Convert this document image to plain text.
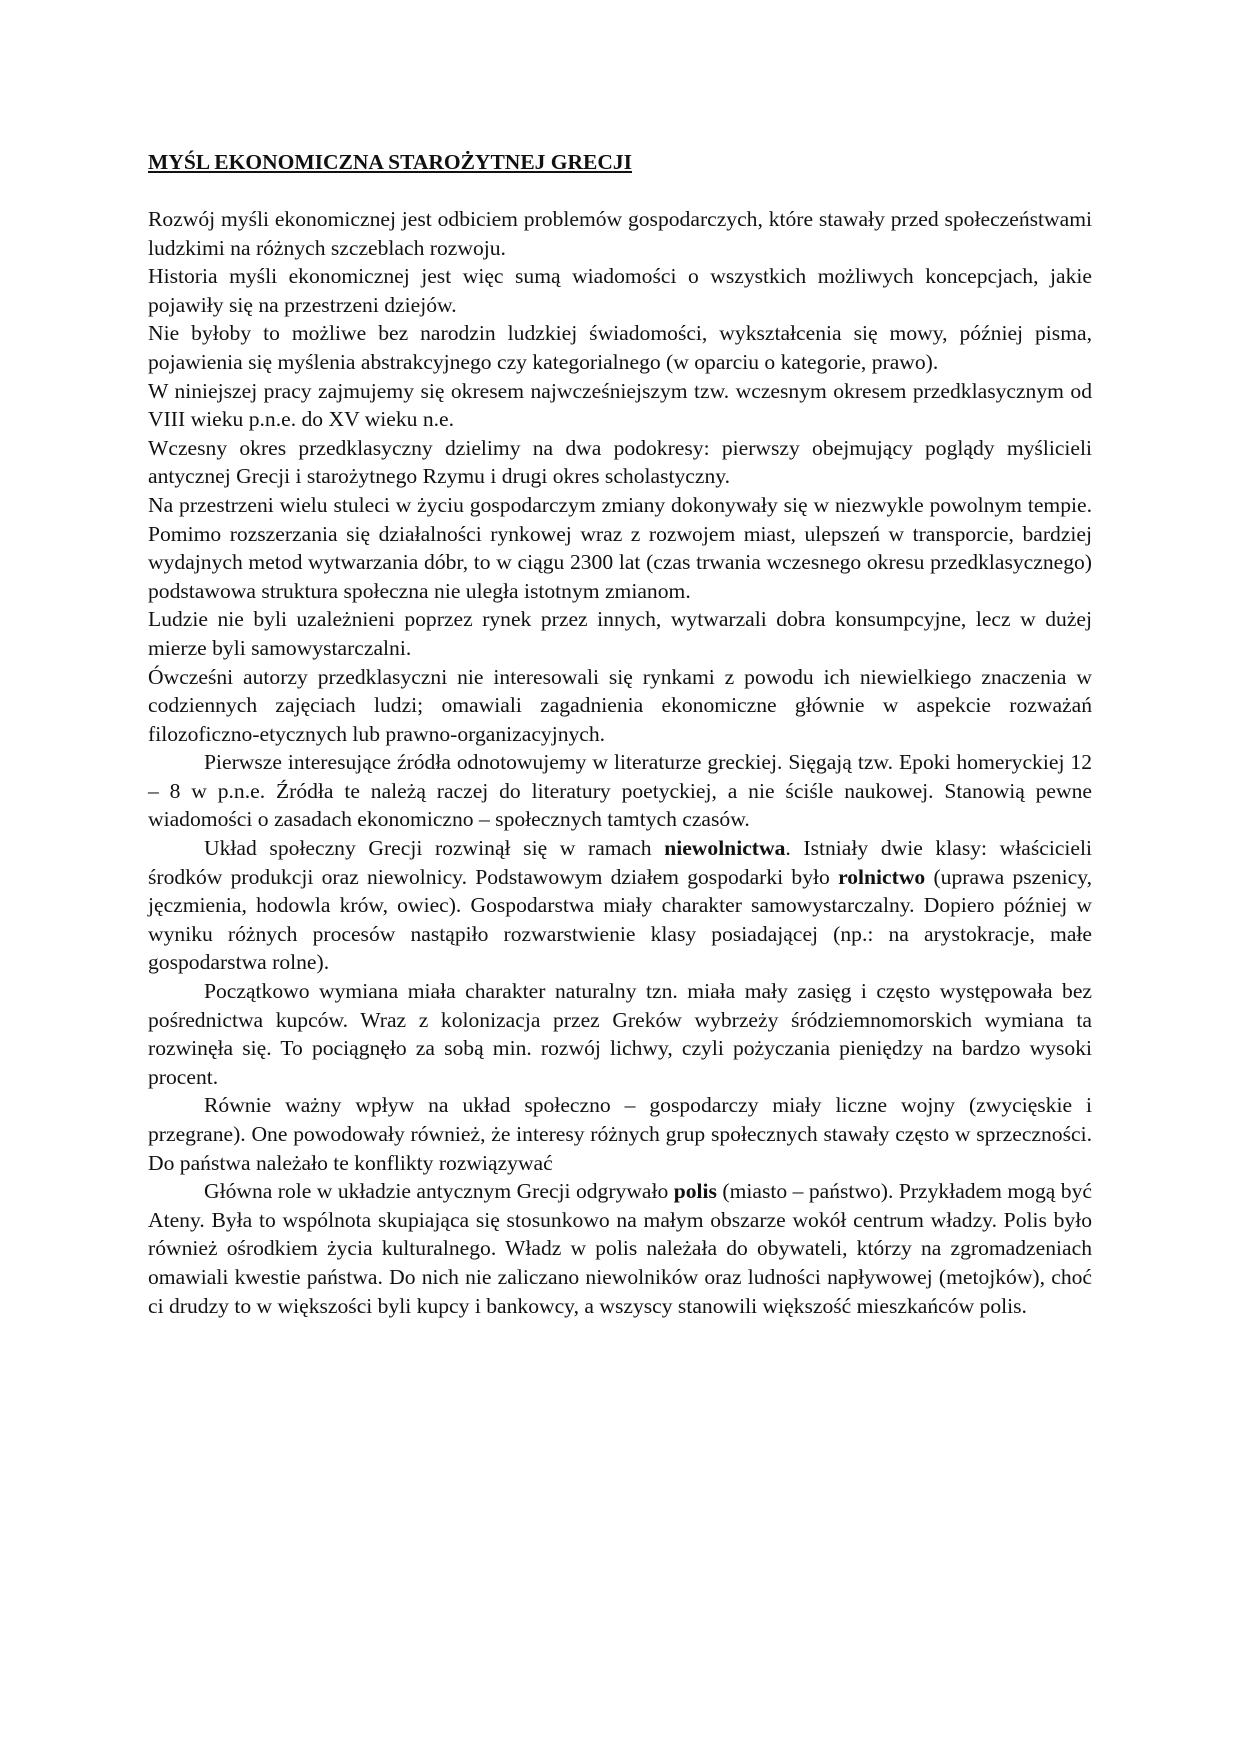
MYŚL EKONOMICZNA STAROŻYTNEJ GRECJI

Rozwój myśli ekonomicznej jest odbiciem problemów gospodarczych, które stawały przed społeczeństwami ludzkimi na różnych szczeblach rozwoju.

Historia myśli ekonomicznej jest więc sumą wiadomości o wszystkich możliwych koncepcjach, jakie pojawiły się na przestrzeni dziejów.

Nie byłoby to możliwe bez narodzin ludzkiej świadomości, wykształcenia się mowy, później pisma, pojawienia się myślenia abstrakcyjnego czy kategorialnego (w oparciu o kategorie, prawo).

W niniejszej pracy zajmujemy się okresem najwcześniejszym tzw. wczesnym okresem przedklasycznym od VIII wieku p.n.e. do XV wieku n.e.

Wczesny okres przedklasyczny dzielimy na dwa podokresy: pierwszy obejmujący poglądy myślicieli antycznej Grecji i starożytnego Rzymu i drugi okres scholastyczny.

Na przestrzeni wielu stuleci w życiu gospodarczym zmiany dokonywały się w niezwykle powolnym tempie. Pomimo rozszerzania się działalności rynkowej wraz z rozwojem miast, ulepszeń w transporcie, bardziej wydajnych metod wytwarzania dóbr, to w ciągu 2300 lat (czas trwania wczesnego okresu przedklasycznego) podstawowa struktura społeczna nie uległa istotnym zmianom.

Ludzie nie byli uzależnieni poprzez rynek przez innych, wytwarzali dobra konsumpcyjne, lecz w dużej mierze byli samowystarczalni.

Ówcześni autorzy przedklasyczni nie interesowali się rynkami z powodu ich niewielkiego znaczenia w codziennych zajęciach ludzi; omawiali zagadnienia ekonomiczne głównie w aspekcie rozważań filozoficzno-etycznych lub prawno-organizacyjnych.

Pierwsze interesujące źródła odnotowujemy w literaturze greckiej. Sięgają tzw. Epoki homeryckiej 12 – 8 w p.n.e. Źródła te należą raczej do literatury poetyckiej, a nie ściśle naukowej. Stanowią pewne wiadomości o zasadach ekonomiczno – społecznych tamtych czasów.

Układ społeczny Grecji rozwinął się w ramach niewolnictwa. Istniały dwie klasy: właścicieli środków produkcji oraz niewolnicy. Podstawowym działem gospodarki było rolnictwo (uprawa pszenicy, jęczmienia, hodowla krów, owiec). Gospodarstwa miały charakter samowystarczalny. Dopiero później w wyniku różnych procesów nastąpiło rozwarstwienie klasy posiadającej (np.: na arystokracje, małe gospodarstwa rolne).

Początkowo wymiana miała charakter naturalny tzn. miała mały zasięg i często występowała bez pośrednictwa kupców. Wraz z kolonizacja przez Greków wybrzeży śródziemnomorskich wymiana ta rozwinęła się. To pociągnęło za sobą min. rozwój lichwy, czyli pożyczania pieniędzy na bardzo wysoki procent.

Równie ważny wpływ na układ społeczno – gospodarczy miały liczne wojny (zwycięskie i przegrane). One powodowały również, że interesy różnych grup społecznych stawały często w sprzeczności. Do państwa należało te konflikty rozwiązywać

Główna role w układzie antycznym Grecji odgrywało polis (miasto – państwo). Przykładem mogą być Ateny. Była to wspólnota skupiająca się stosunkowo na małym obszarze wokół centrum władzy. Polis było również ośrodkiem życia kulturalnego. Władz w polis należała do obywateli, którzy na zgromadzeniach omawiali kwestie państwa. Do nich nie zaliczano niewolników oraz ludności napływowej (metojków), choć ci drudzy to w większości byli kupcy i bankowcy, a wszyscy stanowili większość mieszkańców polis.
